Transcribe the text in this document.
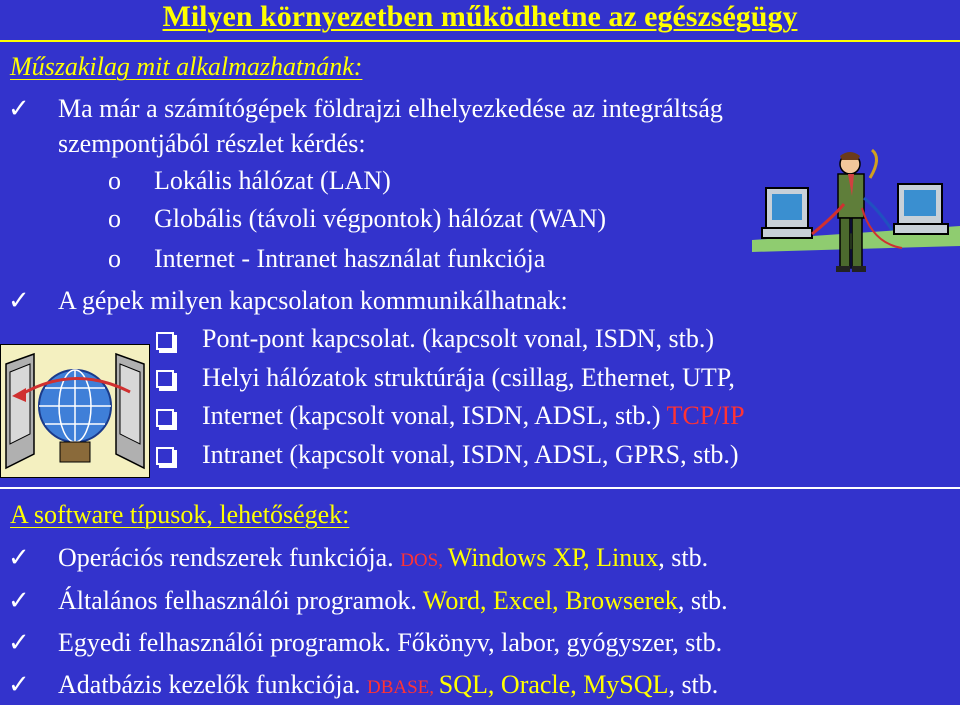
Milyen környezetben működhetne az egészségügy
Műszakilag mit alkalmazhatnánk:
✓ Ma már a számítógépek földrajzi elhelyezkedése az integráltság
szempontjából részlet kérdés:
o Lokális hálózat (LAN)
o Globális (távoli végpontok) hálózat (WAN)
o Internet - Intranet használat funkciója
✓ A gépek milyen kapcsolaton kommunikálhatnak:
Pont-pont kapcsolat. (kapcsolt vonal, ISDN, stb.)
Helyi hálózatok struktúrája (csillag, Ethernet, UTP,
Internet (kapcsolt vonal, ISDN, ADSL, stb.) TCP/IP
Intranet (kapcsolt vonal, ISDN, ADSL, GPRS, stb.)
A software típusok, lehetőségek:
✓ Operációs rendszerek funkciója. DOS, Windows XP, Linux, stb.
✓ Általános felhasználói programok. Word, Excel, Browserek, stb.
✓ Egyedi felhasználói programok. Főkönyv, labor, gyógyszer, stb.
✓ Adatbázis kezelők funkciója. DBASE, SQL, Oracle, MySQL, stb.
